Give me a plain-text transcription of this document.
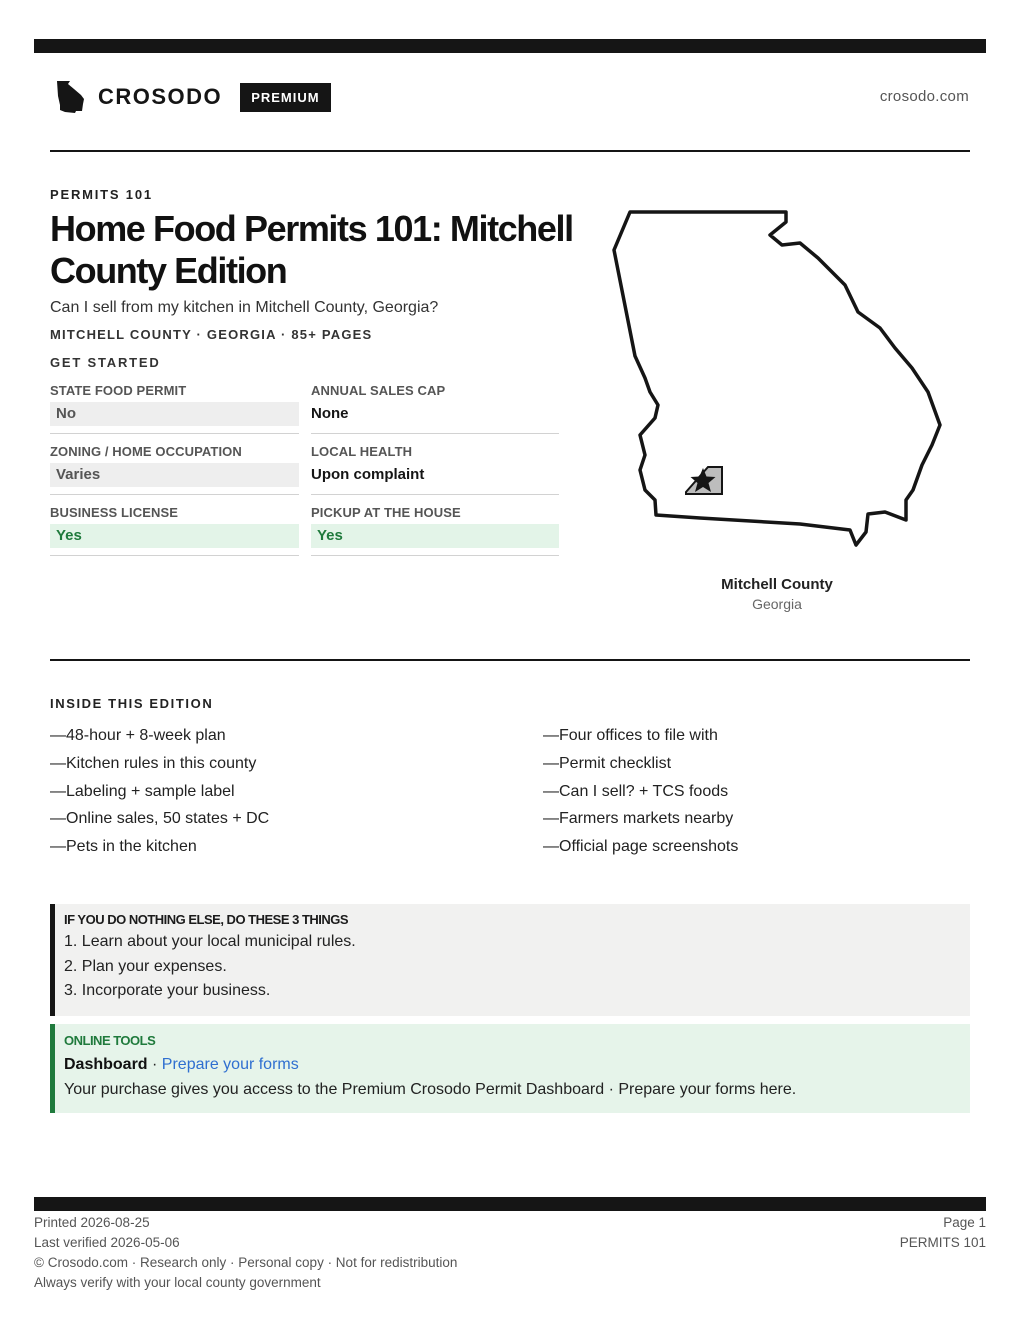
CROSODO	PREMIUM	crosodo.com
PERMITS 101
Home Food Permits 101: Mitchell County Edition
Can I sell from my kitchen in Mitchell County, Georgia?
MITCHELL COUNTY · GEORGIA · 85+ PAGES
GET STARTED
STATE FOOD PERMIT
No
ANNUAL SALES CAP
None
ZONING / HOME OCCUPATION
Varies
LOCAL HEALTH
Upon complaint
BUSINESS LICENSE
Yes
PICKUP AT THE HOUSE
Yes
Mitchell County
Georgia
INSIDE THIS EDITION
—48-hour + 8-week plan
—Kitchen rules in this county
—Labeling + sample label
—Online sales, 50 states + DC
—Pets in the kitchen
—Four offices to file with
—Permit checklist
—Can I sell? + TCS foods
—Farmers markets nearby
—Official page screenshots
IF YOU DO NOTHING ELSE, DO THESE 3 THINGS
1. Learn about your local municipal rules.
2. Plan your expenses.
3. Incorporate your business.
ONLINE TOOLS
Dashboard · Prepare your forms
Your purchase gives you access to the Premium Crosodo Permit Dashboard · Prepare your forms here.
Printed 2026-08-25
Last verified 2026-05-06
© Crosodo.com · Research only · Personal copy · Not for redistribution
Always verify with your local county government
Page 1
PERMITS 101
